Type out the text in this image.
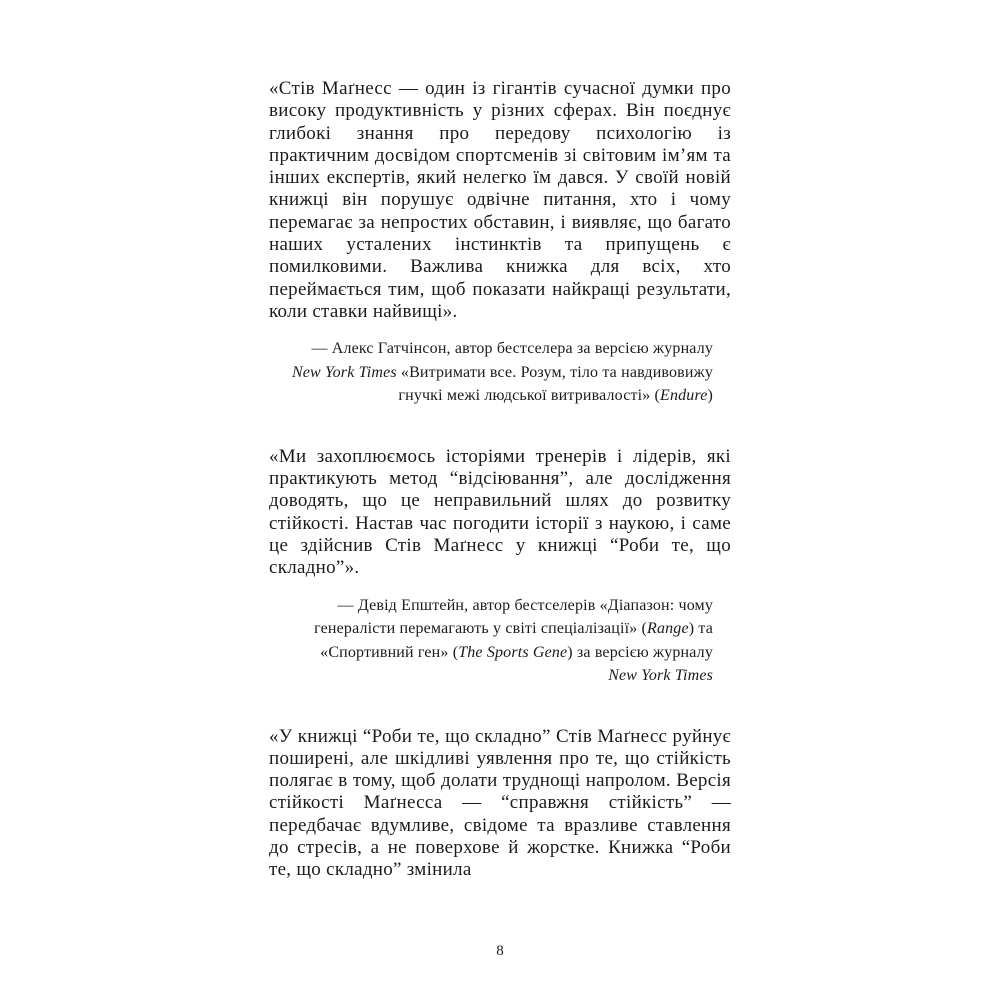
«Стів Маґнесс — один із гігантів сучасної думки про високу продуктивність у різних сферах. Він поєднує глибокі знання про передову психологію із практичним досвідом спортсменів зі світовим ім’ям та інших експертів, який нелегко їм дався. У своїй новій книжці він порушує одвічне питання, хто і чому перемагає за непростих обставин, і виявляє, що багато наших усталених інстинктів та припущень є помилковими. Важлива книжка для всіх, хто переймається тим, щоб показати найкращі результати, коли ставки найвищі».

— Алекс Гатчінсон, автор бестселера за версією журналу New York Times «Витримати все. Розум, тіло та навдивовижу гнучкі межі людської витривалості» (Endure)

«Ми захоплюємось історіями тренерів і лідерів, які практикують метод “відсіювання”, але дослідження доводять, що це неправильний шлях до розвитку стійкості. Настав час погодити історії з наукою, і саме це здійснив Стів Маґнесс у книжці “Роби те, що складно”».

— Девід Епштейн, автор бестселерів «Діапазон: чому генералісти перемагають у світі спеціалізації» (Range) та «Спортивний ген» (The Sports Gene) за версією журналу New York Times

«У книжці “Роби те, що складно” Стів Маґнесс руйнує поширені, але шкідливі уявлення про те, що стійкість полягає в тому, щоб долати труднощі напролом. Версія стійкості Маґнесса — “справжня стійкість” — передбачає вдумливе, свідоме та вразливе ставлення до стресів, а не поверхове й жорстке. Книжка “Роби те, що складно” змінила

8
